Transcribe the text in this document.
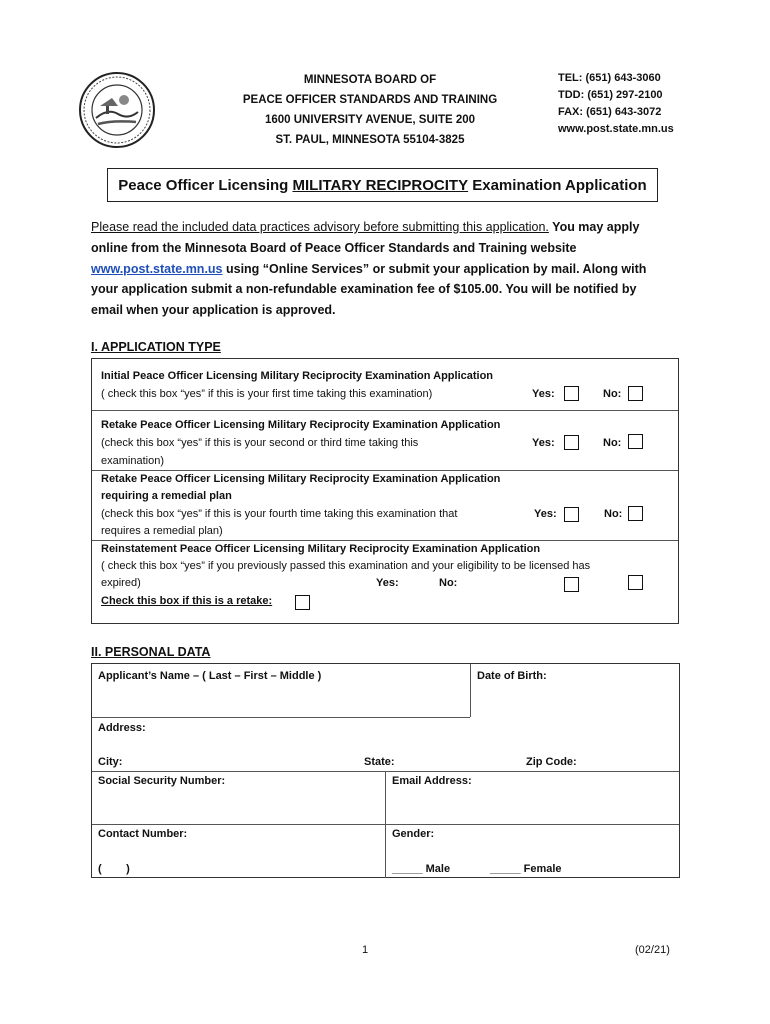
MINNESOTA BOARD OF
PEACE OFFICER STANDARDS AND TRAINING
1600 UNIVERSITY AVENUE, SUITE 200
ST. PAUL, MINNESOTA 55104-3825
TEL: (651) 643-3060
TDD: (651) 297-2100
FAX: (651) 643-3072
www.post.state.mn.us
Peace Officer Licensing MILITARY RECIPROCITY Examination Application
Please read the included data practices advisory before submitting this application. You may apply online from the Minnesota Board of Peace Officer Standards and Training website www.post.state.mn.us using “Online Services” or submit your application by mail. Along with your application submit a non-refundable examination fee of $105.00. You will be notified by email when your application is approved.
I. APPLICATION TYPE
Initial Peace Officer Licensing Military Reciprocity Examination Application
( check this box “yes” if this is your first time taking this examination)	Yes:	No:
Retake Peace Officer Licensing Military Reciprocity Examination Application
(check this box “yes” if this is your second or third time taking this
examination)
Yes:	No:
Retake Peace Officer Licensing Military Reciprocity Examination Application
requiring a remedial plan
(check this box “yes” if this is your fourth time taking this examination that
requires a remedial plan)
Yes:	No:
Reinstatement Peace Officer Licensing Military Reciprocity Examination Application
( check this box “yes” if you previously passed this examination and your eligibility to be licensed has
expired)	Yes:	No:
Check this box if this is a retake:
II. PERSONAL DATA
Applicant’s Name – ( Last – First – Middle )	Date of Birth:
Address:
City:	State:	Zip Code:
Social Security Number:	Email Address:
Contact Number:
(        )
Gender:
_____ Male	_____ Female
1	(02/21)
